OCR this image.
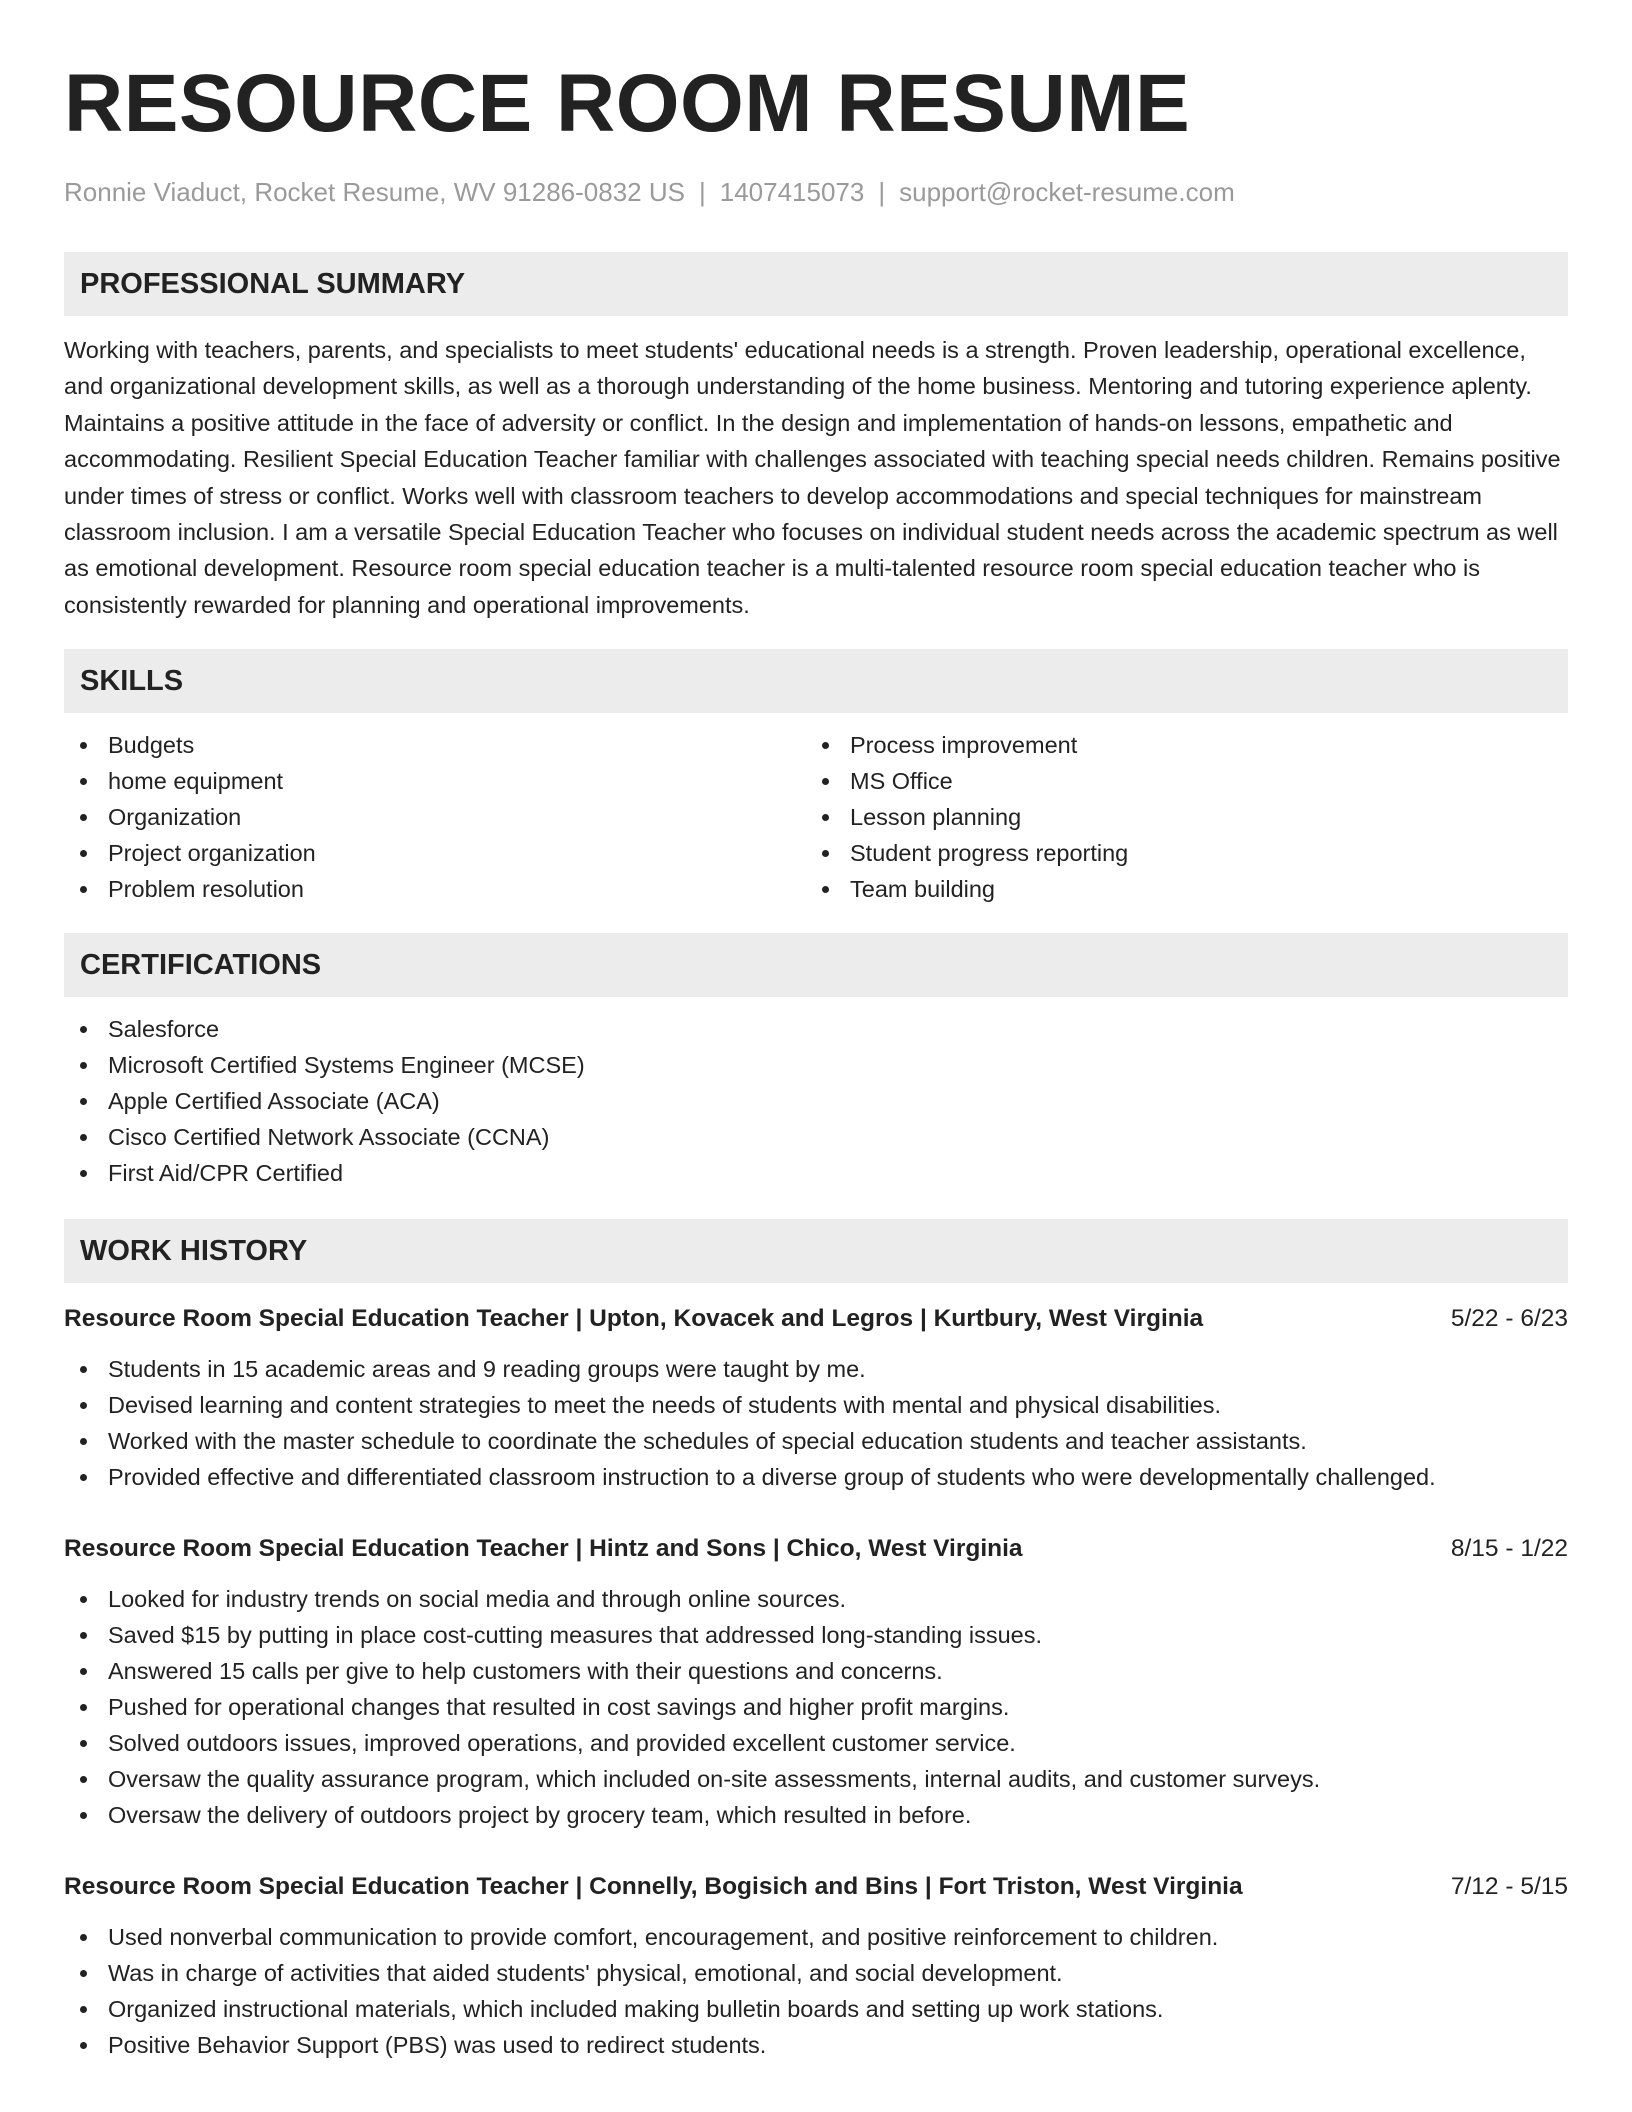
RESOURCE ROOM RESUME
Ronnie Viaduct, Rocket Resume, WV 91286-0832 US | 1407415073 | support@rocket-resume.com
PROFESSIONAL SUMMARY

Working with teachers, parents, and specialists to meet students' educational needs is a strength. Proven leadership, operational excellence, and organizational development skills, as well as a thorough understanding of the home business. Mentoring and tutoring experience aplenty. Maintains a positive attitude in the face of adversity or conflict. In the design and implementation of hands-on lessons, empathetic and accommodating. Resilient Special Education Teacher familiar with challenges associated with teaching special needs children. Remains positive under times of stress or conflict. Works well with classroom teachers to develop accommodations and special techniques for mainstream classroom inclusion. I am a versatile Special Education Teacher who focuses on individual student needs across the academic spectrum as well as emotional development. Resource room special education teacher is a multi-talented resource room special education teacher who is consistently rewarded for planning and operational improvements.

SKILLS
Budgets
home equipment
Organization
Project organization
Problem resolution
Process improvement
MS Office
Lesson planning
Student progress reporting
Team building
CERTIFICATIONS
Salesforce
Microsoft Certified Systems Engineer (MCSE)
Apple Certified Associate (ACA)
Cisco Certified Network Associate (CCNA)
First Aid/CPR Certified
WORK HISTORY
Resource Room Special Education Teacher | Upton, Kovacek and Legros | Kurtbury, West Virginia	5/22 - 6/23
Students in 15 academic areas and 9 reading groups were taught by me.
Devised learning and content strategies to meet the needs of students with mental and physical disabilities.
Worked with the master schedule to coordinate the schedules of special education students and teacher assistants.
Provided effective and differentiated classroom instruction to a diverse group of students who were developmentally challenged.
Resource Room Special Education Teacher | Hintz and Sons | Chico, West Virginia	8/15 - 1/22
Looked for industry trends on social media and through online sources.
Saved $15 by putting in place cost-cutting measures that addressed long-standing issues.
Answered 15 calls per give to help customers with their questions and concerns.
Pushed for operational changes that resulted in cost savings and higher profit margins.
Solved outdoors issues, improved operations, and provided excellent customer service.
Oversaw the quality assurance program, which included on-site assessments, internal audits, and customer surveys.
Oversaw the delivery of outdoors project by grocery team, which resulted in before.
Resource Room Special Education Teacher | Connelly, Bogisich and Bins | Fort Triston, West Virginia	7/12 - 5/15
Used nonverbal communication to provide comfort, encouragement, and positive reinforcement to children.
Was in charge of activities that aided students' physical, emotional, and social development.
Organized instructional materials, which included making bulletin boards and setting up work stations.
Positive Behavior Support (PBS) was used to redirect students.
